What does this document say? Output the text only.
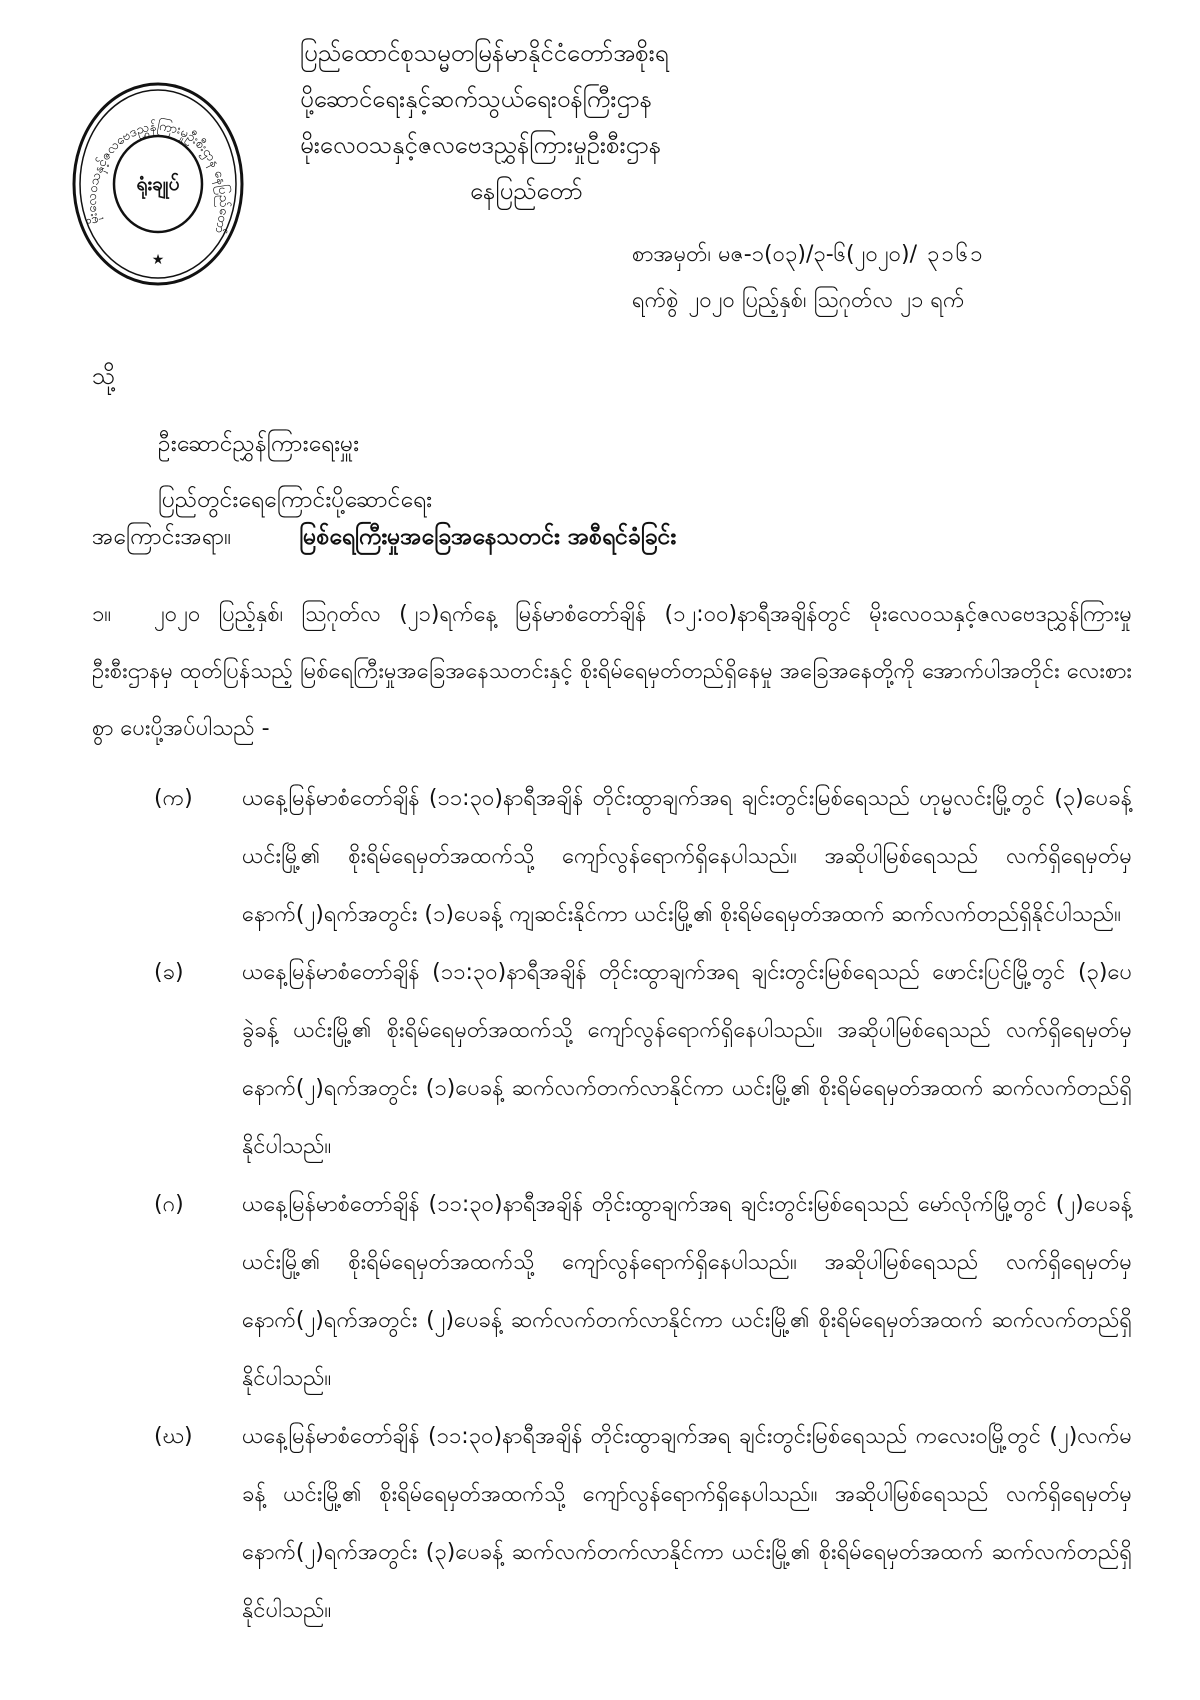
မိုးလေဝသနှင့်ဇလဗေဒညွှန်ကြားမှုဦးစီးဌာန နေပြည်တော်
ရုံးချုပ်
★
ပြည်ထောင်စုသမ္မတမြန်မာနိုင်ငံတော်အစိုးရ
ပို့ဆောင်ရေးနှင့်ဆက်သွယ်ရေးဝန်ကြီးဌာန
မိုးလေဝသနှင့်ဇလဗေဒညွှန်ကြားမှုဦးစီးဌာန
နေပြည်တော်
စာအမှတ်၊ မဇ-၁(၀၃)/၃-၆(၂၀၂၀)/ ၃၁၆၁
ရက်စွဲ ၂၀၂၀ ပြည့်နှစ်၊ ဩဂုတ်လ ၂၁ ရက်
သို့
ဦးဆောင်ညွှန်ကြားရေးမှူး
ပြည်တွင်းရေကြောင်းပို့ဆောင်ရေး
အကြောင်းအရာ။	မြစ်ရေကြီးမှုအခြေအနေသတင်း အစီရင်ခံခြင်း
၁။ ၂၀၂၀ ပြည့်နှစ်၊ ဩဂုတ်လ (၂၁)ရက်နေ့ မြန်မာစံတော်ချိန် (၁၂:၀၀)နာရီအချိန်တွင် မိုးလေဝသနှင့်ဇလဗေဒညွှန်ကြားမှုဦးစီးဌာနမှ ထုတ်ပြန်သည့် မြစ်ရေကြီးမှုအခြေအနေသတင်းနှင့် စိုးရိမ်ရေမှတ်တည်ရှိနေမှု အခြေအနေတို့ကို အောက်ပါအတိုင်း လေးစားစွာ ပေးပို့အပ်ပါသည် -
(က)	ယနေ့မြန်မာစံတော်ချိန် (၁၁:၃၀)နာရီအချိန် တိုင်းထွာချက်အရ ချင်းတွင်းမြစ်ရေသည် ဟုမ္မလင်းမြို့တွင် (၃)ပေခန့် ယင်းမြို့၏ စိုးရိမ်ရေမှတ်အထက်သို့ ကျော်လွန်ရောက်ရှိနေပါသည်။ အဆိုပါမြစ်ရေသည် လက်ရှိရေမှတ်မှ နောက်(၂)ရက်အတွင်း (၁)ပေခန့် ကျဆင်းနိုင်ကာ ယင်းမြို့၏ စိုးရိမ်ရေမှတ်အထက် ဆက်လက်တည်ရှိနိုင်ပါသည်။
(ခ)	ယနေ့မြန်မာစံတော်ချိန် (၁၁:၃၀)နာရီအချိန် တိုင်းထွာချက်အရ ချင်းတွင်းမြစ်ရေသည် ဖောင်းပြင်မြို့တွင် (၃)ပေခွဲခန့် ယင်းမြို့၏ စိုးရိမ်ရေမှတ်အထက်သို့ ကျော်လွန်ရောက်ရှိနေပါသည်။ အဆိုပါမြစ်ရေသည် လက်ရှိရေမှတ်မှ နောက်(၂)ရက်အတွင်း (၁)ပေခန့် ဆက်လက်တက်လာနိုင်ကာ ယင်းမြို့၏ စိုးရိမ်ရေမှတ်အထက် ဆက်လက်တည်ရှိနိုင်ပါသည်။
(ဂ)	ယနေ့မြန်မာစံတော်ချိန် (၁၁:၃၀)နာရီအချိန် တိုင်းထွာချက်အရ ချင်းတွင်းမြစ်ရေသည် မော်လိုက်မြို့တွင် (၂)ပေခန့် ယင်းမြို့၏ စိုးရိမ်ရေမှတ်အထက်သို့ ကျော်လွန်ရောက်ရှိနေပါသည်။ အဆိုပါမြစ်ရေသည် လက်ရှိရေမှတ်မှ နောက်(၂)ရက်အတွင်း (၂)ပေခန့် ဆက်လက်တက်လာနိုင်ကာ ယင်းမြို့၏ စိုးရိမ်ရေမှတ်အထက် ဆက်လက်တည်ရှိနိုင်ပါသည်။
(ဃ)	ယနေ့မြန်မာစံတော်ချိန် (၁၁:၃၀)နာရီအချိန် တိုင်းထွာချက်အရ ချင်းတွင်းမြစ်ရေသည် ကလေးဝမြို့တွင် (၂)လက်မခန့် ယင်းမြို့၏ စိုးရိမ်ရေမှတ်အထက်သို့ ကျော်လွန်ရောက်ရှိနေပါသည်။ အဆိုပါမြစ်ရေသည် လက်ရှိရေမှတ်မှ နောက်(၂)ရက်အတွင်း (၃)ပေခန့် ဆက်လက်တက်လာနိုင်ကာ ယင်းမြို့၏ စိုးရိမ်ရေမှတ်အထက် ဆက်လက်တည်ရှိနိုင်ပါသည်။
